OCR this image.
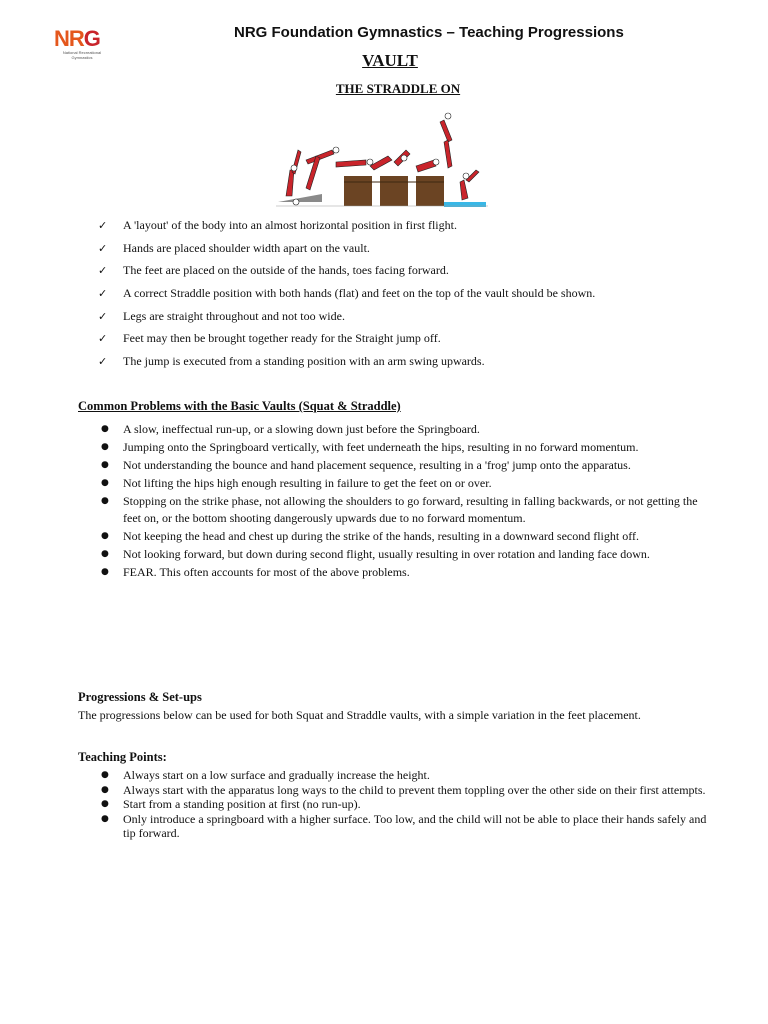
NRG
National Recreational Gymnastics
NRG Foundation Gymnastics – Teaching Progressions
VAULT
THE STRADDLE ON
✓ A 'layout' of the body into an almost horizontal position in first flight.
✓ Hands are placed shoulder width apart on the vault.
✓ The feet are placed on the outside of the hands, toes facing forward.
✓ A correct Straddle position with both hands (flat) and feet on the top of the vault should be shown.
✓ Legs are straight throughout and not too wide.
✓ Feet may then be brought together ready for the Straight jump off.
✓ The jump is executed from a standing position with an arm swing upwards.
Common Problems with the Basic Vaults (Squat & Straddle)
● A slow, ineffectual run-up, or a slowing down just before the Springboard.
● Jumping onto the Springboard vertically, with feet underneath the hips, resulting in no forward momentum.
● Not understanding the bounce and hand placement sequence, resulting in a 'frog' jump onto the apparatus.
● Not lifting the hips high enough resulting in failure to get the feet on or over.
● Stopping on the strike phase, not allowing the shoulders to go forward, resulting in falling backwards, or not getting the feet on, or the bottom shooting dangerously upwards due to no forward momentum.
● Not keeping the head and chest up during the strike of the hands, resulting in a downward second flight off.
● Not looking forward, but down during second flight, usually resulting in over rotation and landing face down.
● FEAR. This often accounts for most of the above problems.
Progressions & Set-ups
The progressions below can be used for both Squat and Straddle vaults, with a simple variation in the feet placement.
Teaching Points:
● Always start on a low surface and gradually increase the height.
● Always start with the apparatus long ways to the child to prevent them toppling over the other side on their first attempts.
● Start from a standing position at first (no run-up).
● Only introduce a springboard with a higher surface. Too low, and the child will not be able to place their hands safely and tip forward.
